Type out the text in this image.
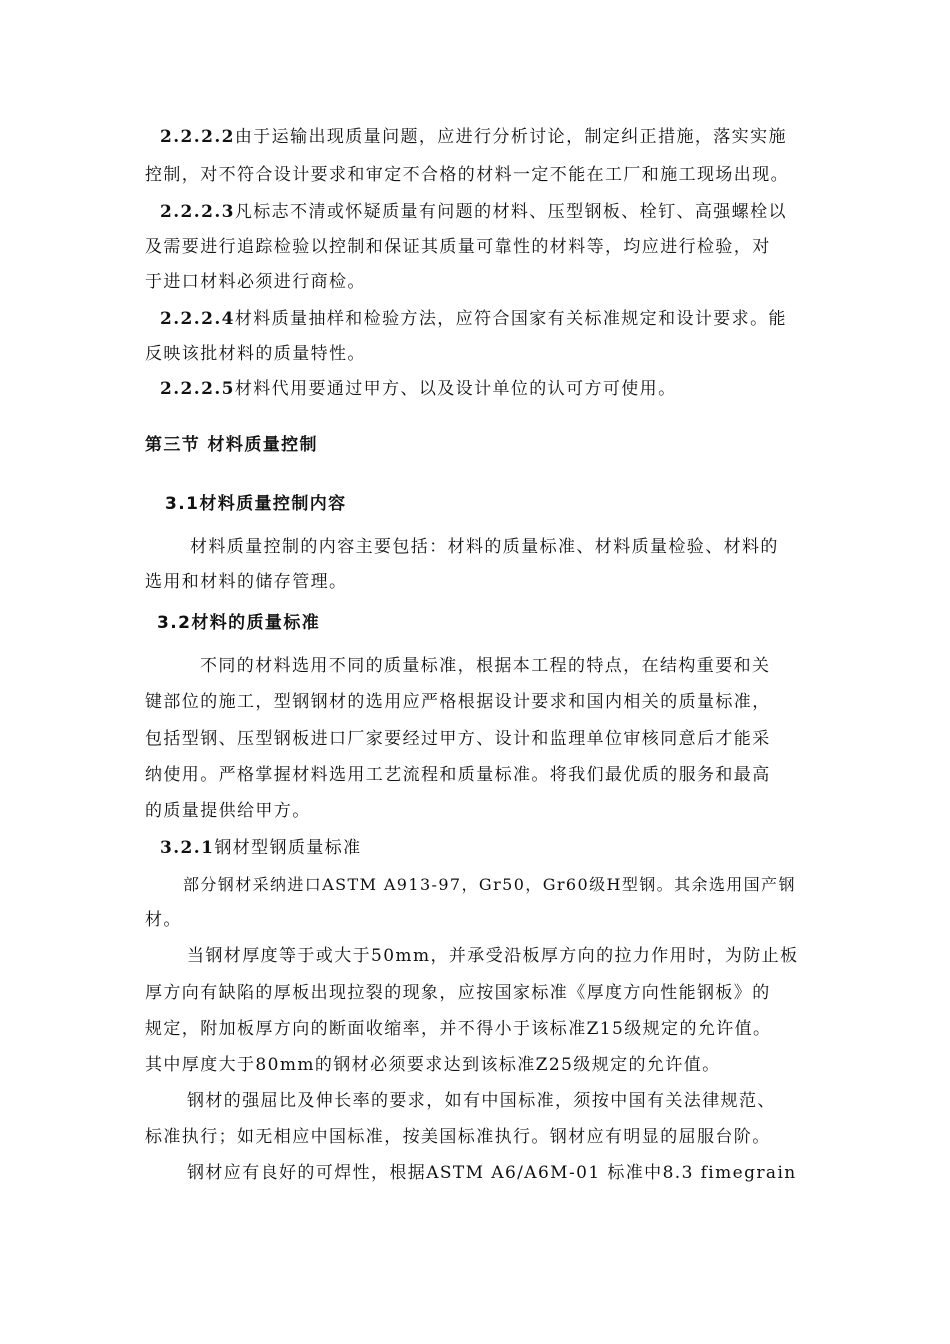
2.2.2.2由于运输出现质量问题，应进行分析讨论，制定纠正措施，落实实施
控制，对不符合设计要求和审定不合格的材料一定不能在工厂和施工现场出现。
2.2.2.3凡标志不清或怀疑质量有问题的材料、压型钢板、栓钉、高强螺栓以
及需要进行追踪检验以控制和保证其质量可靠性的材料等，均应进行检验，对
于进口材料必须进行商检。
2.2.2.4材料质量抽样和检验方法，应符合国家有关标准规定和设计要求。能
反映该批材料的质量特性。
2.2.2.5材料代用要通过甲方、以及设计单位的认可方可使用。
第三节 材料质量控制
3.1材料质量控制内容
材料质量控制的内容主要包括：材料的质量标准、材料质量检验、材料的
选用和材料的储存管理。
3.2材料的质量标准
不同的材料选用不同的质量标准，根据本工程的特点，在结构重要和关
键部位的施工，型钢钢材的选用应严格根据设计要求和国内相关的质量标准，
包括型钢、压型钢板进口厂家要经过甲方、设计和监理单位审核同意后才能采
纳使用。严格掌握材料选用工艺流程和质量标准。将我们最优质的服务和最高
的质量提供给甲方。
3.2.1钢材型钢质量标准
部分钢材采纳进口ASTM A913-97，Gr50，Gr60级H型钢。其余选用国产钢
材。
当钢材厚度等于或大于50mm，并承受沿板厚方向的拉力作用时，为防止板
厚方向有缺陷的厚板出现拉裂的现象，应按国家标准《厚度方向性能钢板》的
规定，附加板厚方向的断面收缩率，并不得小于该标准Z15级规定的允许值。
其中厚度大于80mm的钢材必须要求达到该标准Z25级规定的允许值。
钢材的强屈比及伸长率的要求，如有中国标准，须按中国有关法律规范、
标准执行；如无相应中国标准，按美国标准执行。钢材应有明显的屈服台阶。
钢材应有良好的可焊性，根据ASTM A6/A6M-01 标准中8.3 fimegrain
